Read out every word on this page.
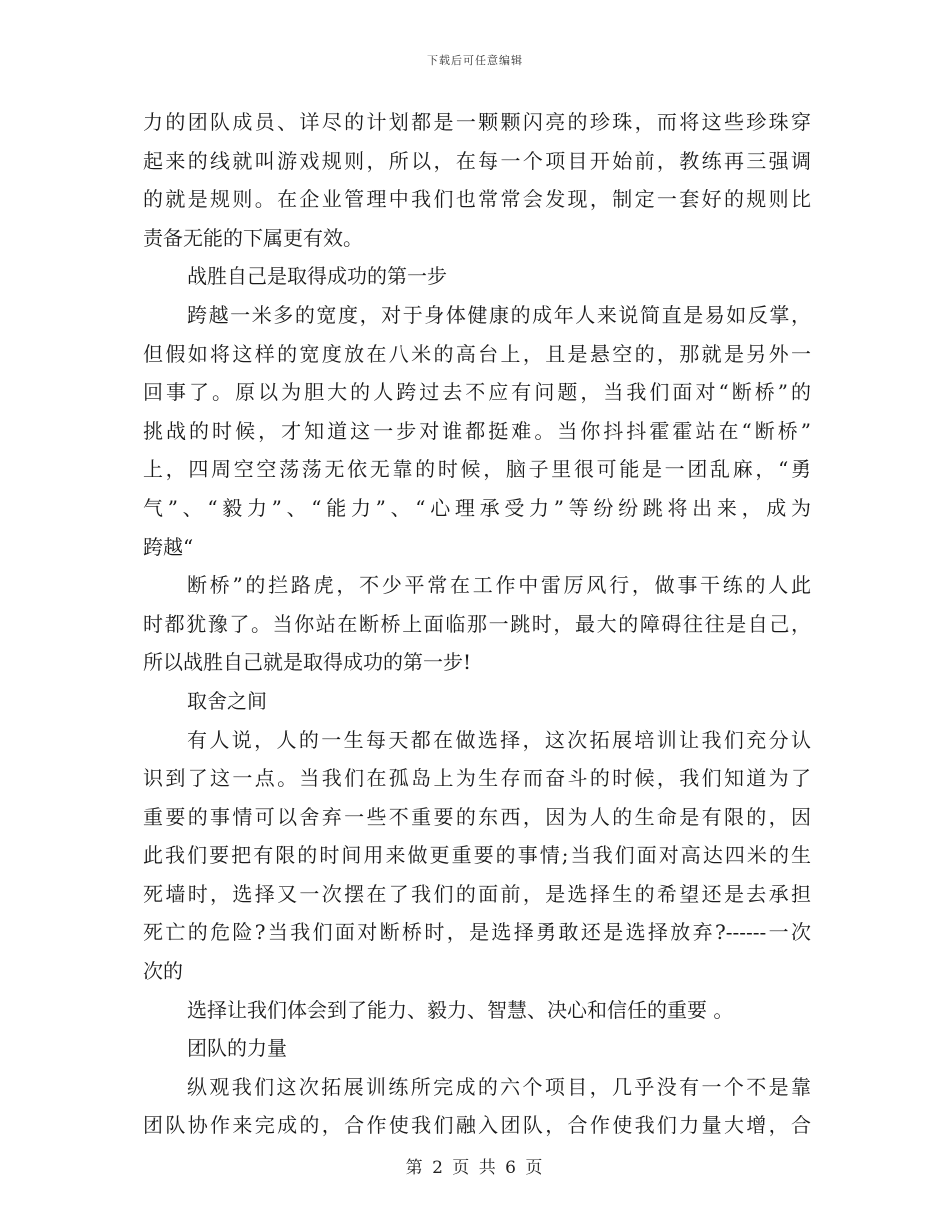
下载后可任意编辑
力的团队成员、详尽的计划都是一颗颗闪亮的珍珠，而将这些珍珠穿
起来的线就叫游戏规则，所以，在每一个项目开始前，教练再三强调
的就是规则。在企业管理中我们也常常会发现，制定一套好的规则比
责备无能的下属更有效。
战胜自己是取得成功的第一步
跨越一米多的宽度，对于身体健康的成年人来说简直是易如反掌，
但假如将这样的宽度放在八米的高台上，且是悬空的，那就是另外一
回事了。原以为胆大的人跨过去不应有问题，当我们面对“断桥”的
挑战的时候，才知道这一步对谁都挺难。当你抖抖霍霍站在“断桥”
上，四周空空荡荡无依无靠的时候，脑子里很可能是一团乱麻，“勇
气”、“毅力”、“能力”、“心理承受力”等纷纷跳将出来，成为
跨越“
断桥”的拦路虎，不少平常在工作中雷厉风行，做事干练的人此
时都犹豫了。当你站在断桥上面临那一跳时，最大的障碍往往是自己，
所以战胜自己就是取得成功的第一步!
取舍之间
有人说，人的一生每天都在做选择，这次拓展培训让我们充分认
识到了这一点。当我们在孤岛上为生存而奋斗的时候，我们知道为了
重要的事情可以舍弃一些不重要的东西，因为人的生命是有限的，因
此我们要把有限的时间用来做更重要的事情;当我们面对高达四米的生
死墙时，选择又一次摆在了我们的面前，是选择生的希望还是去承担
死亡的危险?当我们面对断桥时，是选择勇敢还是选择放弃?------一次
次的
选择让我们体会到了能力、毅力、智慧、决心和信任的重要 。
团队的力量
纵观我们这次拓展训练所完成的六个项目，几乎没有一个不是靠
团队协作来完成的，合作使我们融入团队，合作使我们力量大增，合
第 2 页 共 6 页
